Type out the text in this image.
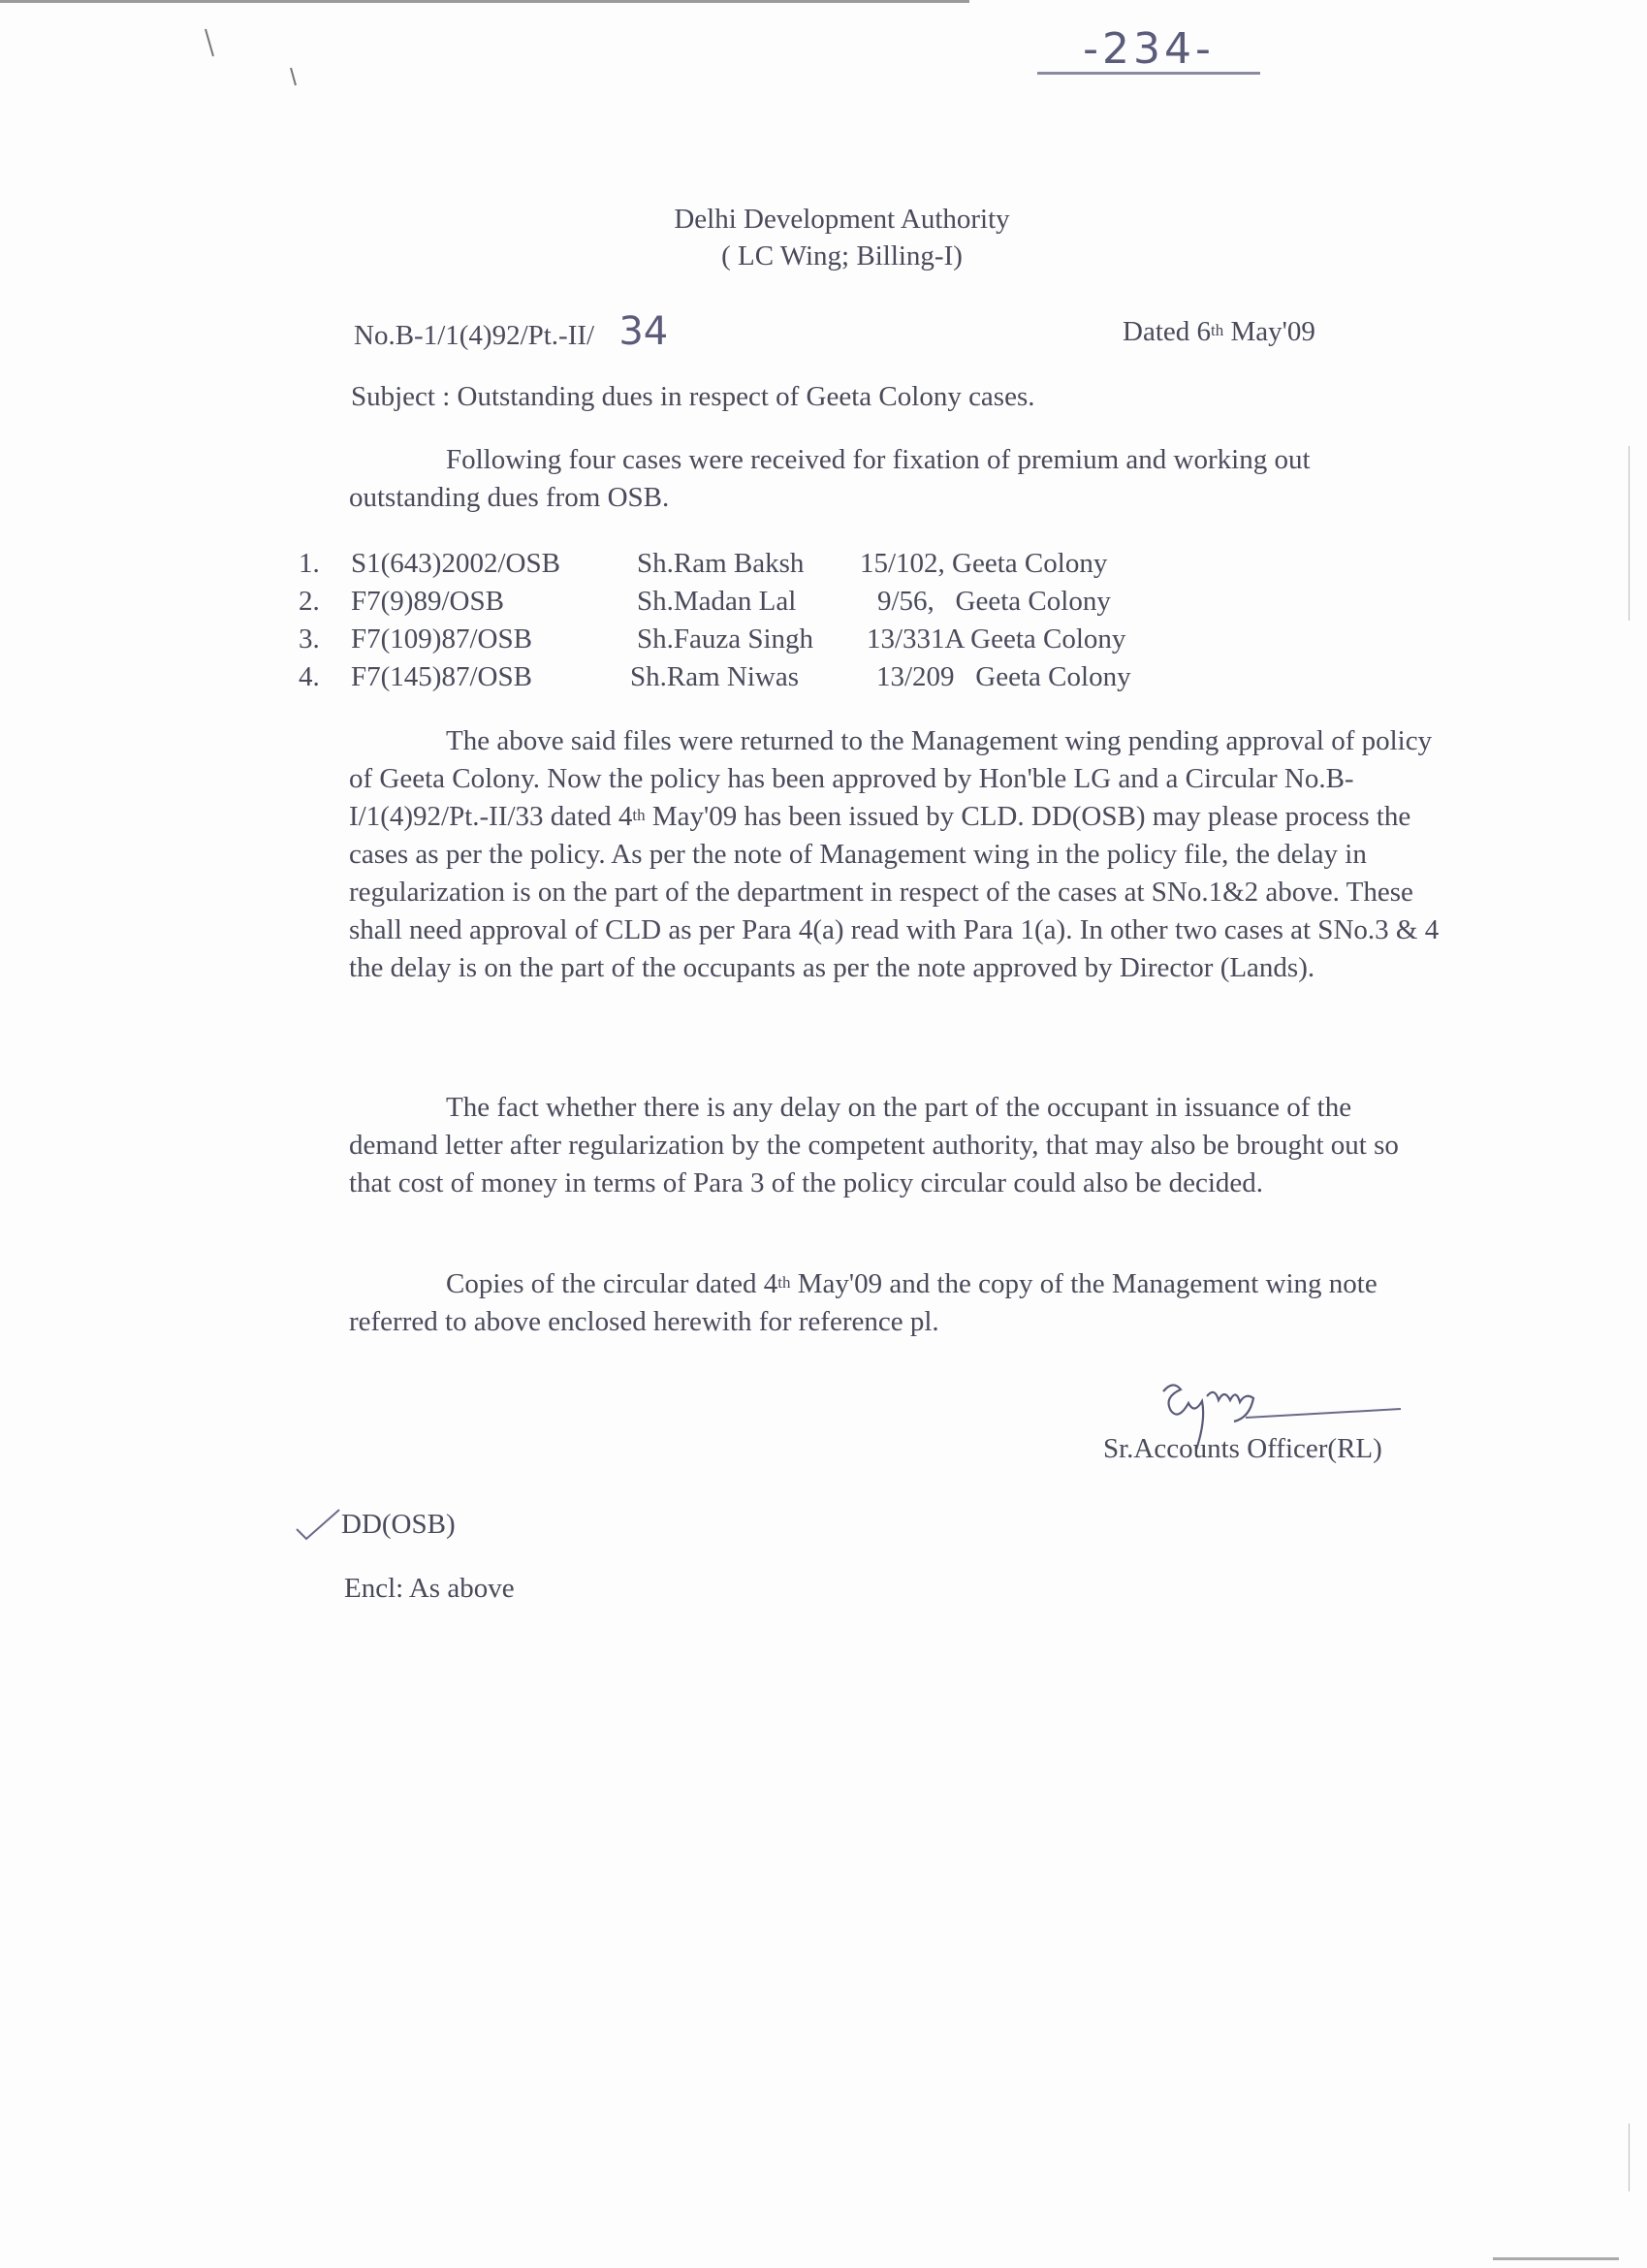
-234-
Delhi Development Authority
( LC Wing; Billing-I)
No.B-1/1(4)92/Pt.-II/ 34	Dated 6th May'09
Subject : Outstanding dues in respect of Geeta Colony cases.
Following four cases were received for fixation of premium and working out outstanding dues from OSB.
1. S1(643)2002/OSB	Sh.Ram Baksh 15/102, Geeta Colony
2. F7(9)89/OSB	Sh.Madan Lal	9/56,   Geeta Colony
3. F7(109)87/OSB	Sh.Fauza Singh 13/331A Geeta Colony
4. F7(145)87/OSB	Sh.Ram Niwas	13/209   Geeta Colony
The above said files were returned to the Management wing pending approval of policy of Geeta Colony. Now the policy has been approved by Hon'ble LG and a Circular No.B-I/1(4)92/Pt.-II/33 dated 4th May'09 has been issued by CLD. DD(OSB) may please process the cases as per the policy. As per the note of Management wing in the policy file, the delay in regularization is on the part of the department in respect of the cases at SNo.1&2 above. These shall need approval of CLD as per Para 4(a) read with Para 1(a). In other two cases at SNo.3 & 4 the delay is on the part of the occupants as per the note approved by Director (Lands).
The fact whether there is any delay on the part of the occupant in issuance of the demand letter after regularization by the competent authority, that may also be brought out so that cost of money in terms of Para 3 of the policy circular could also be decided.
Copies of the circular dated 4th May'09 and the copy of the Management wing note referred to above enclosed herewith for reference pl.
Sr.Accounts Officer(RL)
DD(OSB)
Encl: As above
